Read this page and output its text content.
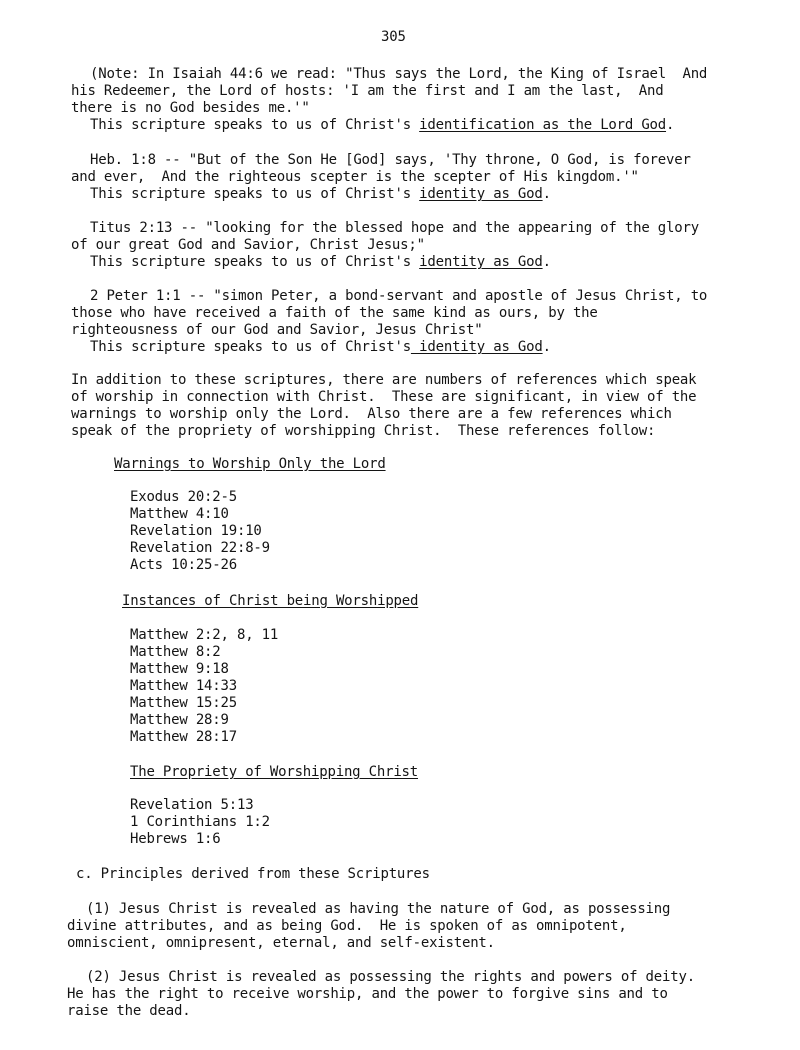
305
(Note: In Isaiah 44:6 we read: "Thus says the Lord, the King of Israel  And
his Redeemer, the Lord of hosts: 'I am the first and I am the last,  And
there is no God besides me.'"
This scripture speaks to us of Christ's identification as the Lord God.
Heb. 1:8 -- "But of the Son He [God] says, 'Thy throne, O God, is forever
and ever,  And the righteous scepter is the scepter of His kingdom.'"
This scripture speaks to us of Christ's identity as God.
Titus 2:13 -- "looking for the blessed hope and the appearing of the glory
of our great God and Savior, Christ Jesus;"
This scripture speaks to us of Christ's identity as God.
2 Peter 1:1 -- "simon Peter, a bond-servant and apostle of Jesus Christ, to
those who have received a faith of the same kind as ours, by the
righteousness of our God and Savior, Jesus Christ"
This scripture speaks to us of Christ's identity as God.
In addition to these scriptures, there are numbers of references which speak
of worship in connection with Christ.  These are significant, in view of the
warnings to worship only the Lord.  Also there are a few references which
speak of the propriety of worshipping Christ.  These references follow:
Warnings to Worship Only the Lord
Exodus 20:2-5
Matthew 4:10
Revelation 19:10
Revelation 22:8-9
Acts 10:25-26
Instances of Christ being Worshipped
Matthew 2:2, 8, 11
Matthew 8:2
Matthew 9:18
Matthew 14:33
Matthew 15:25
Matthew 28:9
Matthew 28:17
The Propriety of Worshipping Christ
Revelation 5:13
1 Corinthians 1:2
Hebrews 1:6
c. Principles derived from these Scriptures
(1) Jesus Christ is revealed as having the nature of God, as possessing
divine attributes, and as being God.  He is spoken of as omnipotent,
omniscient, omnipresent, eternal, and self-existent.
(2) Jesus Christ is revealed as possessing the rights and powers of deity.
He has the right to receive worship, and the power to forgive sins and to
raise the dead.
